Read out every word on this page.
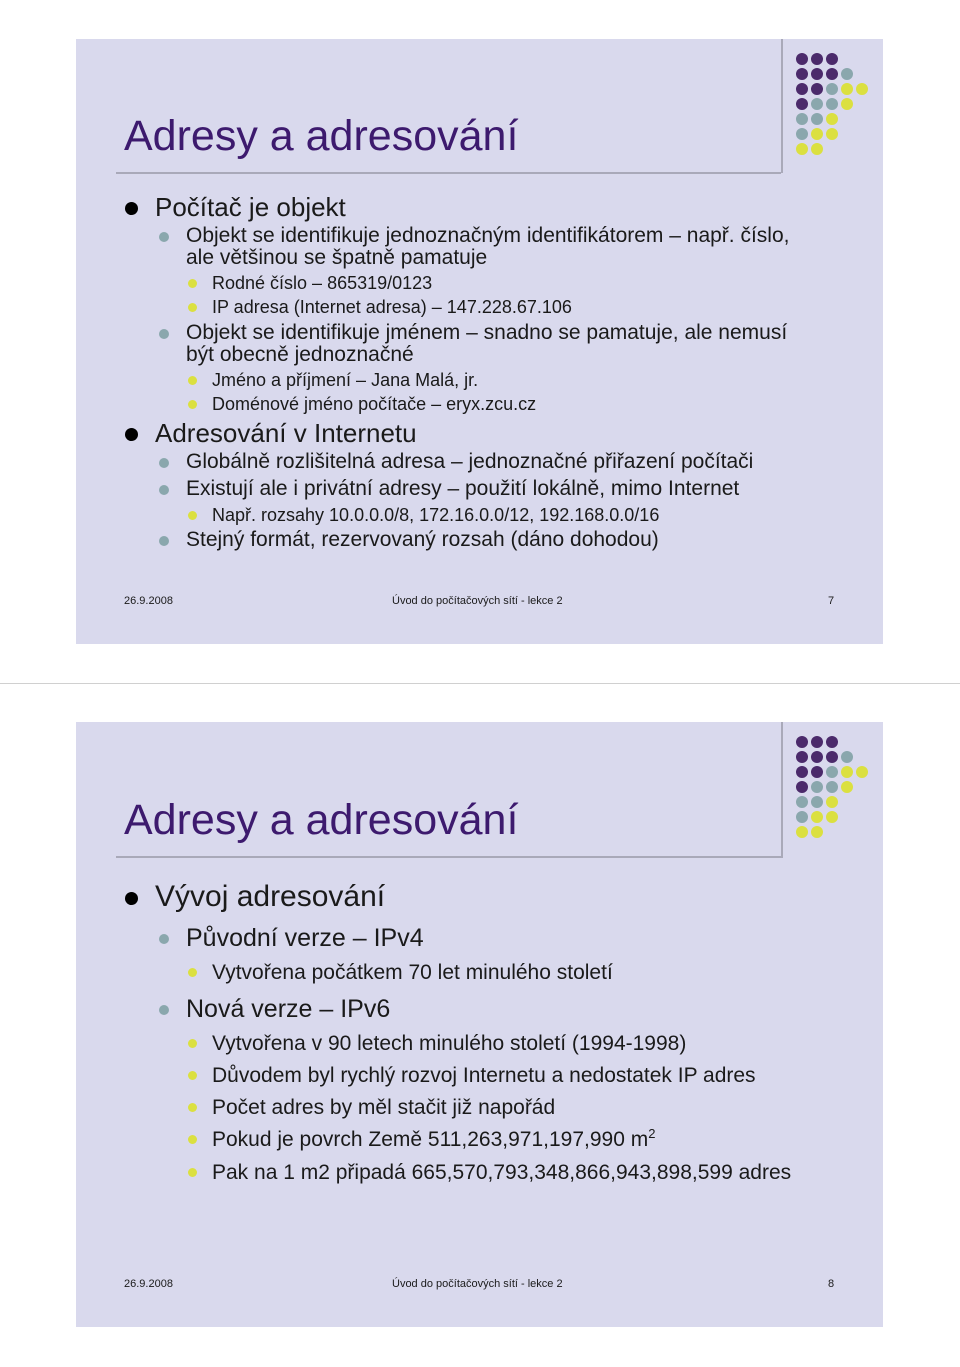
Adresy a adresování
Počítač je objekt
Objekt se identifikuje jednoznačným identifikátorem – např. číslo,
ale většinou se špatně pamatuje
Rodné číslo – 865319/0123
IP adresa (Internet adresa) – 147.228.67.106
Objekt se identifikuje jménem – snadno se pamatuje, ale nemusí
být obecně jednoznačné
Jméno a příjmení – Jana Malá, jr.
Doménové jméno počítače – eryx.zcu.cz
Adresování v Internetu
Globálně rozlišitelná adresa – jednoznačné přiřazení počítači
Existují ale i privátní adresy – použití lokálně, mimo Internet
Např. rozsahy 10.0.0.0/8, 172.16.0.0/12, 192.168.0.0/16
Stejný formát, rezervovaný rozsah (dáno dohodou)
26.9.2008	Úvod do počítačových sítí - lekce 2	7
Adresy a adresování
Vývoj adresování
Původní verze – IPv4
Vytvořena počátkem 70 let minulého století
Nová verze – IPv6
Vytvořena v 90 letech minulého století (1994-1998)
Důvodem byl rychlý rozvoj Internetu a nedostatek IP adres
Počet adres by měl stačit již napořád
Pokud je povrch Země 511,263,971,197,990 $m^2$
Pak na 1 m2 připadá 665,570,793,348,866,943,898,599 adres
26.9.2008	Úvod do počítačových sítí - lekce 2	8
